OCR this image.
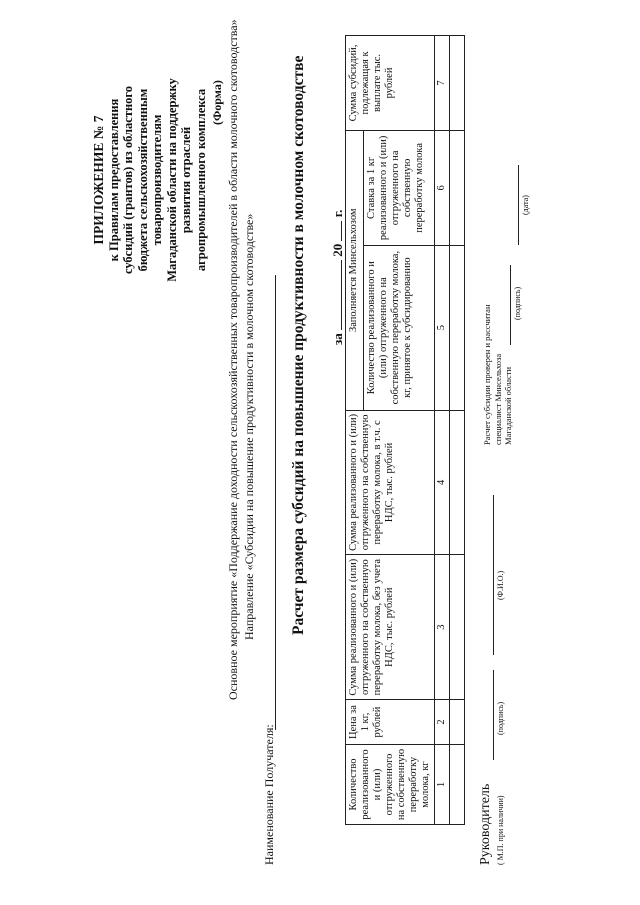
ПРИЛОЖЕНИЕ № 7 к Правилам предоставления субсидий (грантов) из областного бюджета сельскохозяйственным товаропроизводителям Магаданской области на поддержку развития отраслей агропромышленного комплекса (Форма) Основное мероприятие «Поддержание доходности сельскохозяйственных товаропроизводителей в области молочного скотоводства» Направление «Субсидии на повышение продуктивности в молочном скотоводстве»
Наименование Получателя:
Расчет размера субсидий на повышение продуктивности в молочном скотоводстве за  20  г.
Количество реализованного и (или) отгруженного на собственную переработку молока, кг	Цена за 1 кг, рублей	Сумма реализованного и (или) отгруженного на собственную переработку молока, без учета НДС, тыс. рублей	Сумма реализованного и (или) отгруженного на собственную переработку молока, в т.ч. с НДС, тыс. рублей	Заполняется Минсельхозом		Сумма субсидий, подлежащая к выплате тыс. рублей
				Количество реализованного и (или) отгруженного на собственную переработку молока, кг, принятое к субсидированию	Ставка за 1 кг реализованного и (или) отгруженного на собственную переработку молока	
1	2	3	4	5	6	7

Руководитель ( М.П. при наличии)
(подпись)
(Ф.И.О.)
Расчет субсидии проверен и рассчитан специалист Минсельхоза Магаданской области
(подпись)
(дата)
